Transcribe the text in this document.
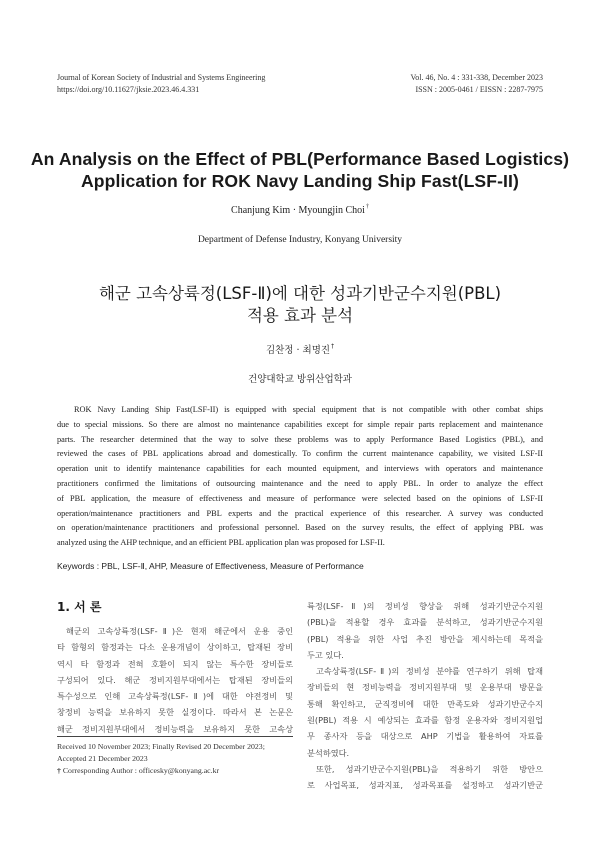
Journal of Korean Society of Industrial and Systems Engineering
https://doi.org/10.11627/jksie.2023.46.4.331
Vol. 46, No. 4 : 331-338, December 2023
ISSN : 2005-0461 / EISSN : 2287-7975
An Analysis on the Effect of PBL(Performance Based Logistics)
Application for ROK Navy Landing Ship Fast(LSF-II)
Chanjung Kim · Myoungjin Choi†
Department of Defense Industry, Konyang University
해군 고속상륙정(LSF-Ⅱ)에 대한 성과기반군수지원(PBL)
적용 효과 분석
김찬정 · 최명진†
건양대학교 방위산업학과
ROK Navy Landing Ship Fast(LSF-II) is equipped with special equipment that is not compatible with other combat ships
due to special missions. So there are almost no maintenance capabilities except for simple repair parts replacement and maintenance
parts. The researcher determined that the way to solve these problems was to apply Performance Based Logistics (PBL), and
reviewed the cases of PBL applications abroad and domestically. To confirm the current maintenance capability, we visited LSF-II
operation unit to identify maintenance capabilities for each mounted equipment, and interviews with operators and maintenance
practitioners confirmed the limitations of outsourcing maintenance and the need to apply PBL. In order to analyze the effect
of PBL application, the measure of effectiveness and measure of performance were selected based on the opinions of LSF-II
operation/maintenance practitioners and PBL experts and the practical experience of this researcher. A survey was conducted
on operation/maintenance practitioners and professional personnel. Based on the survey results, the effect of applying PBL was
analyzed using the AHP technique, and an efficient PBL application plan was proposed for LSF-II.
Keywords : PBL, LSF-Ⅱ, AHP, Measure of Effectiveness, Measure of Performance
1. 서 론
해군의 고속상륙정(LSF-Ⅱ)은 현재 해군에서 운용 중인
타 함형의 함정과는 다소 운용개념이 상이하고, 탑재된 장비
역시 타 함정과 전혀 호환이 되지 않는 특수한 장비들로
구성되어 있다. 해군 정비지원부대에서는 탑재된 장비들의
특수성으로 인해 고속상륙정(LSF-Ⅱ)에 대한 야전정비 및
창정비 능력을 보유하지 못한 실정이다. 따라서 본 논문은
해군 정비지원부대에서 정비능력을 보유하지 못한 고속상
륙정(LSF-Ⅱ)의 정비성 향상을 위해 성과기반군수지원
(PBL)을 적용할 경우 효과를 분석하고, 성과기반군수지원
(PBL) 적용을 위한 사업 추진 방안을 제시하는데 목적을
두고 있다.
고속상륙정(LSF-Ⅱ)의 정비성 분야를 연구하기 위해 탑재
장비들의 현 정비능력을 정비지원부대 및 운용부대 방문을
통해 확인하고, 군직정비에 대한 만족도와 성과기반군수지
원(PBL) 적용 시 예상되는 효과를 함정 운용자와 정비지원업
무 종사자 등을 대상으로 AHP 기법을 활용하여 자료를
분석하였다.
또한, 성과기반군수지원(PBL)을 적용하기 위한 방안으
로 사업목표, 성과지표, 성과목표를 설정하고 성과기반군
Received 10 November 2023; Finally Revised 20 December 2023;
Accepted 21 December 2023
† Corresponding Author : officesky@konyang.ac.kr
